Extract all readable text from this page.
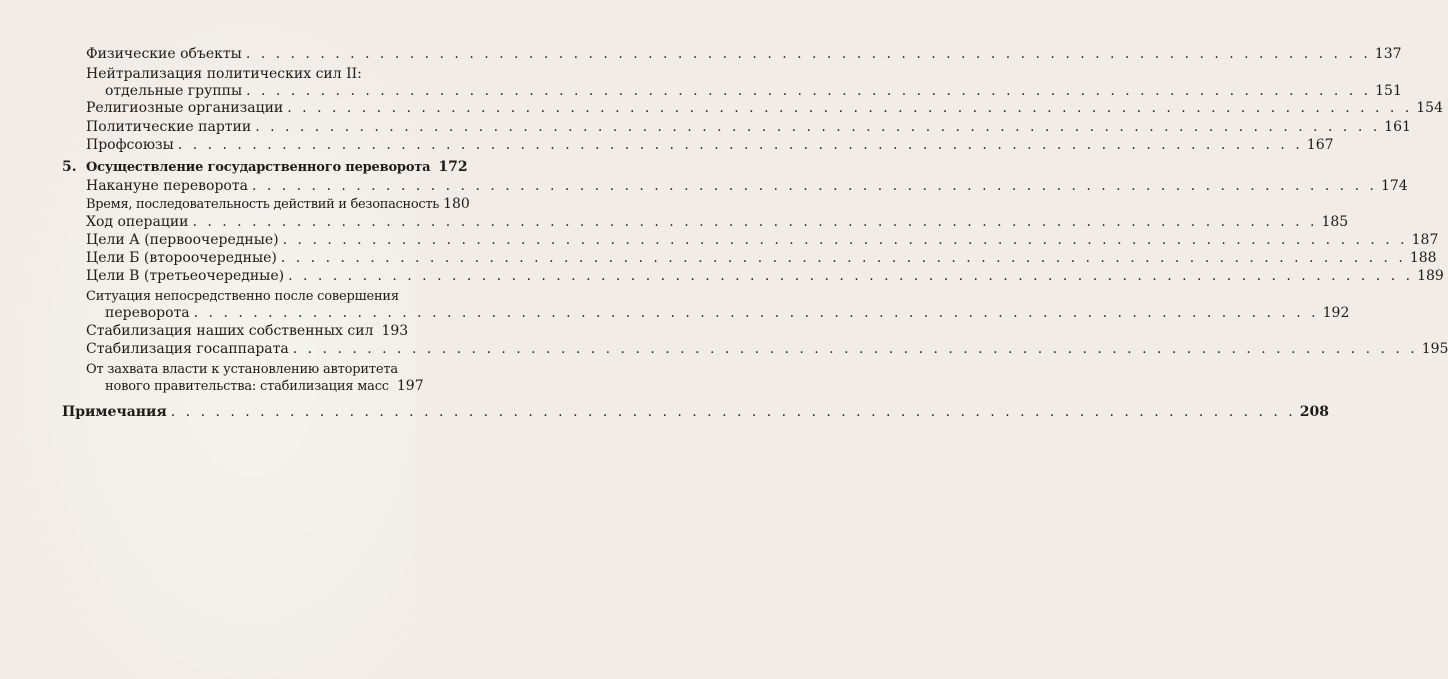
Физические объекты . . .	137
Нейтрализация политических сил II:
отдельные группы . . .	151
Религиозные организации . . .	154
Политические партии . . .	161
Профсоюзы . . .	167
5. Осуществление государственного переворота 172
Накануне переворота . . .	174
Время, последовательность действий и безопасность 180
Ход операции . . .	185
Цели А (первоочередные) . . .	187
Цели Б (второочередные) . . .	188
Цели В (третьеочередные) . . .	189
Ситуация непосредственно после совершения
переворота . . .	192
Стабилизация наших собственных сил 193
Стабилизация госаппарата . . .	195
От захвата власти к установлению авторитета
нового правительства: стабилизация масс 197
Примечания . . .	208
